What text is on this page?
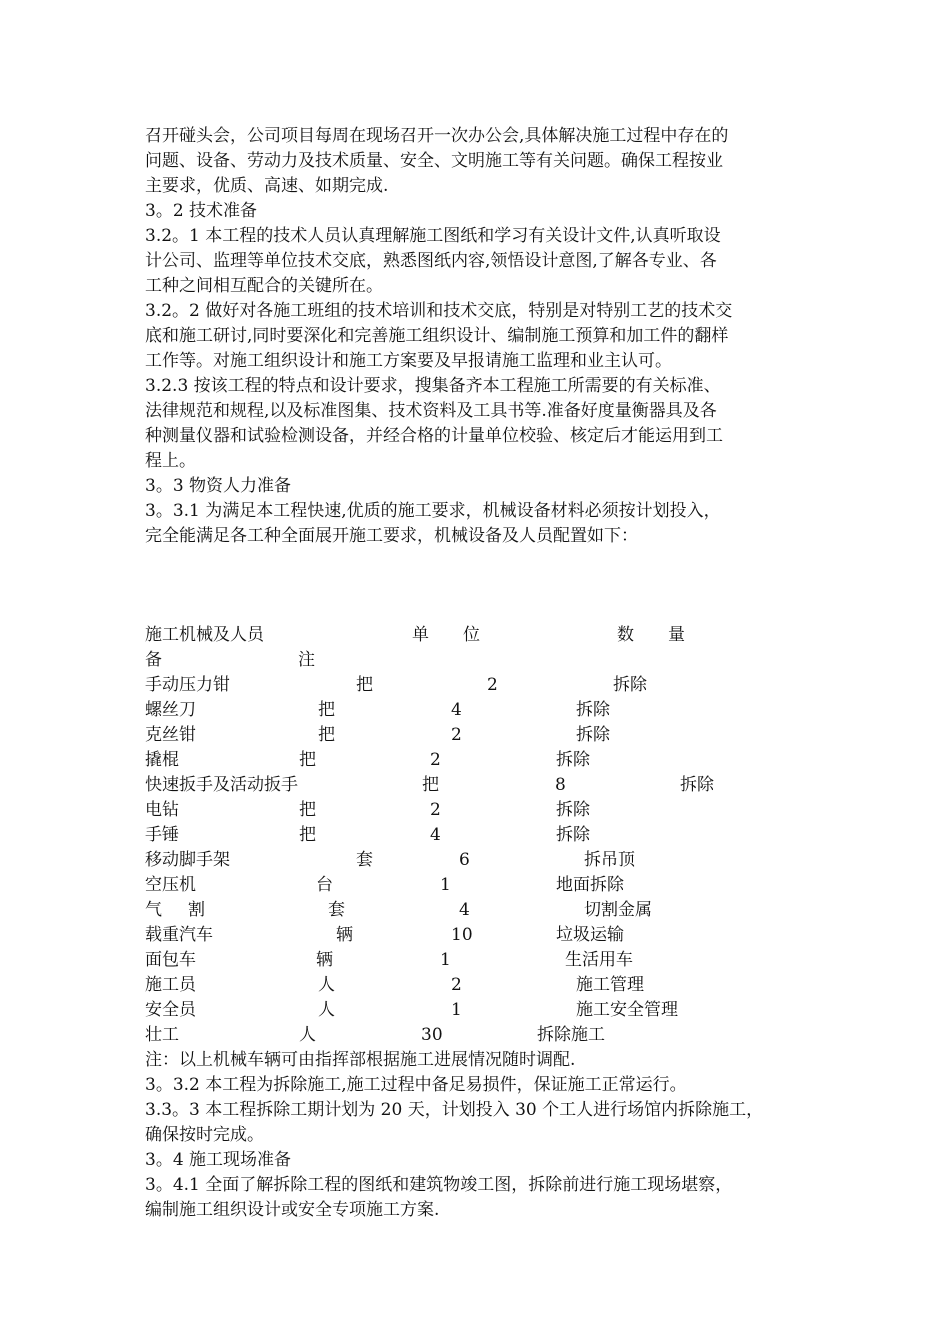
召开碰头会，公司项目每周在现场召开一次办公会,具体解决施工过程中存在的
问题、设备、劳动力及技术质量、安全、文明施工等有关问题。确保工程按业
主要求，优质、高速、如期完成.
3。2 技术准备
3.2。1 本工程的技术人员认真理解施工图纸和学习有关设计文件,认真听取设
计公司、监理等单位技术交底，熟悉图纸内容,领悟设计意图,了解各专业、各
工种之间相互配合的关键所在。
3.2。2 做好对各施工班组的技术培训和技术交底，特别是对特别工艺的技术交
底和施工研讨,同时要深化和完善施工组织设计、编制施工预算和加工件的翻样
工作等。对施工组织设计和施工方案要及早报请施工监理和业主认可。
3.2.3 按该工程的特点和设计要求，搜集备齐本工程施工所需要的有关标准、
法律规范和规程,以及标准图集、技术资料及工具书等.准备好度量衡器具及各
种测量仪器和试验检测设备，并经合格的计量单位校验、核定后才能运用到工
程上。
3。3 物资人力准备
3。3.1 为满足本工程快速,优质的施工要求，机械设备材料必须按计划投入，
完全能满足各工种全面展开施工要求，机械设备及人员配置如下：
施工机械及人员	单位	数量
备注
手动压力钳	把	2	拆除
螺丝刀	把	4	拆除
克丝钳	把	2	拆除
撬棍	把	2	拆除
快速扳手及活动扳手	把	8	拆除
电钻	把	2	拆除
手锤	把	4	拆除
移动脚手架	套	6	拆吊顶
空压机	台	1	地面拆除
气割	套	4	切割金属
载重汽车	辆	10	垃圾运输
面包车	辆	1	生活用车
施工员	人	2	施工管理
安全员	人	1	施工安全管理
壮工	人	30	拆除施工
注：以上机械车辆可由指挥部根据施工进展情况随时调配.
3。3.2 本工程为拆除施工,施工过程中备足易损件，保证施工正常运行。
3.3。3 本工程拆除工期计划为 20 天，计划投入 30 个工人进行场馆内拆除施工，
确保按时完成。
3。4 施工现场准备
3。4.1 全面了解拆除工程的图纸和建筑物竣工图，拆除前进行施工现场堪察，
编制施工组织设计或安全专项施工方案.
